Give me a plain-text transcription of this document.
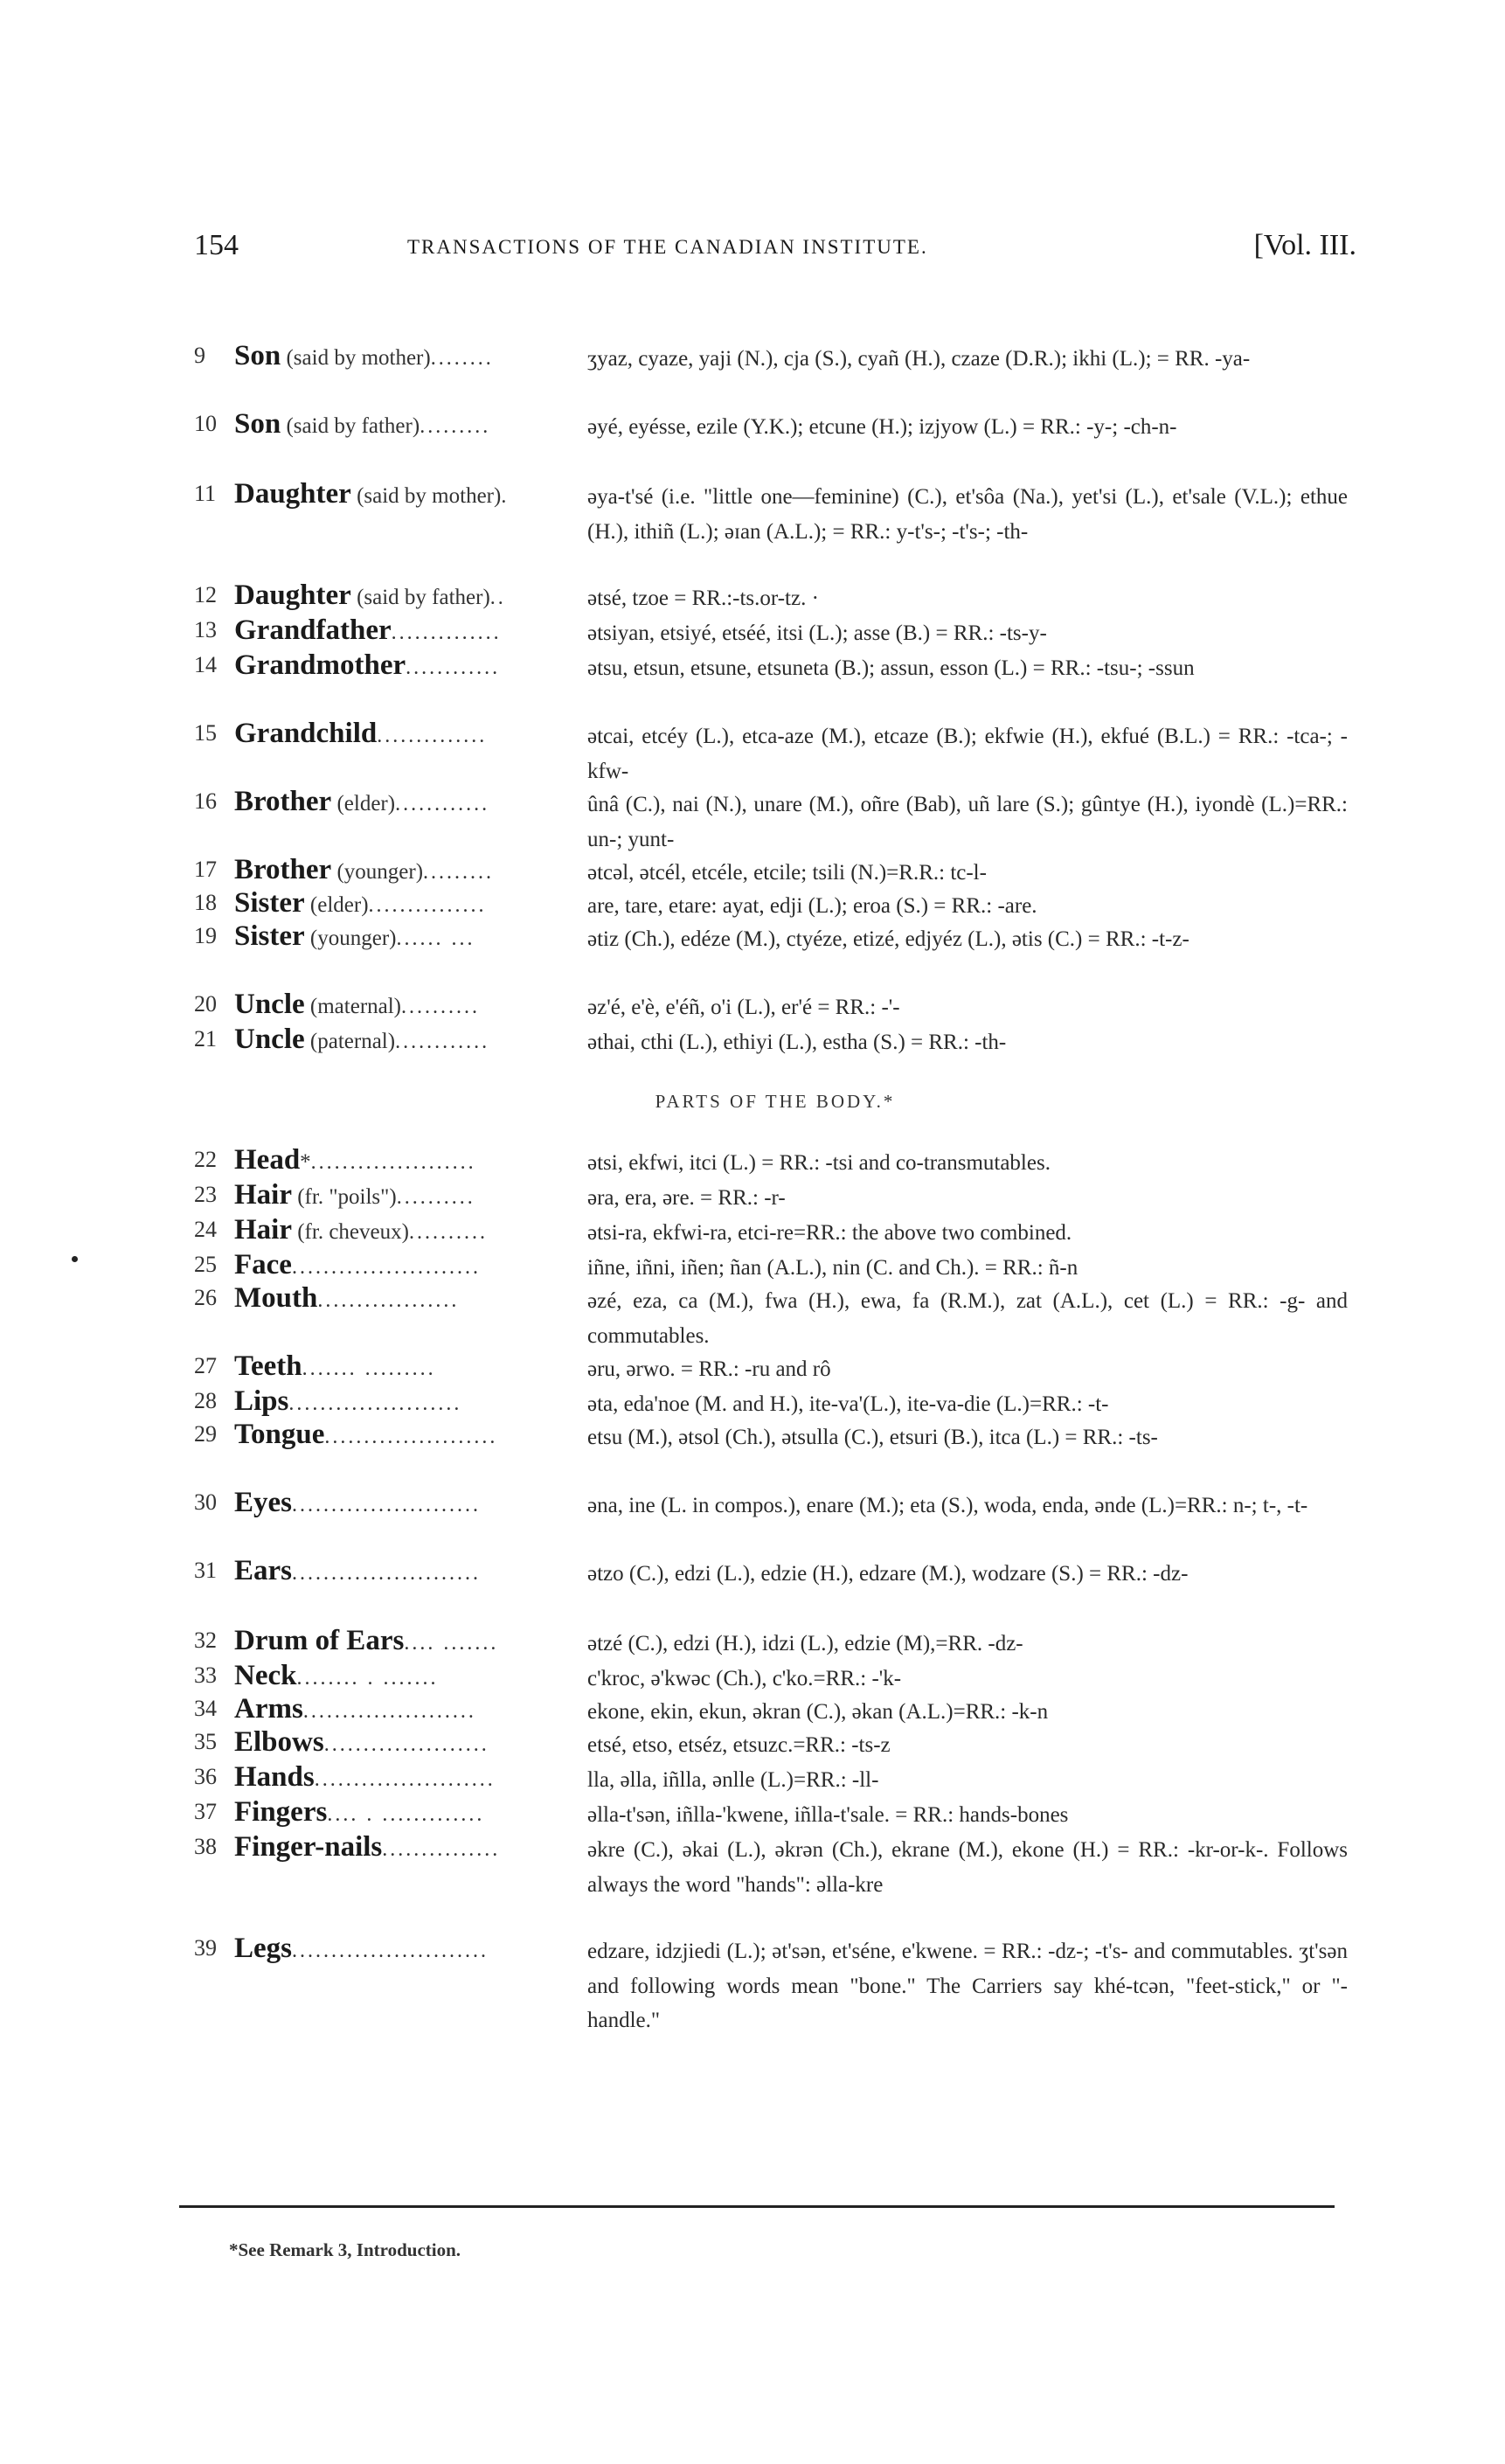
154	TRANSACTIONS OF THE CANADIAN INSTITUTE.	[Vol. III.
9	Son (said by mother)........	ʒyaz, cyaze, yaji (N.), cja (S.), cyañ (H.), czaze (D.R.); ikhi (L.); = RR. -ya-
10 Son (said by father).........	əyé, eyésse, ezile (Y.K.); etcune (H.); izjyow (L.) = RR.: -y-; -ch-n-
11 Daughter (said by mother).	əya-t'sé (i.e. "little one—feminine) (C.), et'sôa (Na.), yet'si (L.), et'sale (V.L.); ethue (H.), ithiñ (L.); əɪan (A.L.); = RR.: y-t's-; -t's-; -th-
12 Daughter (said by father)..	ətsé, tzoe = RR.:-ts.or-tz. ·
13 Grandfather..............	ətsiyan, etsiyé, etséé, itsi (L.); asse (B.) = RR.: -ts-y-
14 Grandmother............	ətsu, etsun, etsune, etsuneta (B.); assun, esson (L.) = RR.: -tsu-; -ssun
15 Grandchild..............	ətcai, etcéy (L.), etca-aze (M.), etcaze (B.); ekfwie (H.), ekfué (B.L.) = RR.: -tca-; -kfw-
16 Brother (elder)............	ûnâ (C.), nai (N.), unare (M.), oñre (Bab), uñ lare (S.); gûntye (H.), iyondè (L.)=RR.: un-; yunt-
17 Brother (younger).........	ətcəl, ətcél, etcéle, etcile; tsili (N.)=R.R.: tc-l-
18 Sister (elder)...............	are, tare, etare: ayat, edji (L.); eroa (S.) = RR.: -are.
19 Sister (younger)...... ...	ətiz (Ch.), edéze (M.), ctyéze, etizé, edjyéz (L.), ətis (C.) = RR.: -t-z-
20 Uncle (maternal)..........	əz'é, e'è, e'éñ, o'i (L.), er'é = RR.: -'-
21 Uncle (paternal)............	əthai, cthi (L.), ethiyi (L.), estha (S.) = RR.: -th-
PARTS OF THE BODY.*
22 Head*.....................	ətsi, ekfwi, itci (L.) = RR.: -tsi and co-transmutables.
23 Hair (fr. "poils")..........	əra, era, əre. = RR.: -r-
24 Hair (fr. cheveux)..........	ətsi-ra, ekfwi-ra, etci-re=RR.: the above two combined.
25 Face........................	iñne, iñni, iñen; ñan (A.L.), nin (C. and Ch.). = RR.: ñ-n
26 Mouth..................	əzé, eza, ca (M.), fwa (H.), ewa, fa (R.M.), zat (A.L.), cet (L.) = RR.: -g- and commutables.
27 Teeth....... .........	əru, ərwo. = RR.: -ru and rô
28 Lips......................	əta, eda'noe (M. and H.), ite-va'(L.), ite-va-die (L.)=RR.: -t-
29 Tongue......................	etsu (M.), ətsol (Ch.), ətsulla (C.), etsuri (B.), itca (L.) = RR.: -ts-
30 Eyes........................	əna, ine (L. in compos.), enare (M.); eta (S.), woda, enda, ənde (L.)=RR.: n-; t-, -t-
31 Ears........................	ətzo (C.), edzi (L.), edzie (H.), edzare (M.), wodzare (S.) = RR.: -dz-
32 Drum of Ears.... .......	ətzé (C.), edzi (H.), idzi (L.), edzie (M),=RR. -dz-
33 Neck........ . .......	c'kroc, ə'kwəc (Ch.), c'ko.=RR.: -'k-
34 Arms......................	ekone, ekin, ekun, əkran (C.), əkan (A.L.)=RR.: -k-n
35 Elbows.....................	etsé, etso, etséz, etsuzc.=RR.: -ts-z
36 Hands.......................	lla, əlla, iñlla, ənlle (L.)=RR.: -ll-
37 Fingers.... . .............	əlla-t'sən, iñlla-'kwene, iñlla-t'sale. = RR.: hands-bones
38 Finger-nails...............	əkre (C.), əkai (L.), əkrən (Ch.), ekrane (M.), ekone (H.) = RR.: -kr-or-k-. Follows always the word "hands": əlla-kre
39 Legs.........................	edzare, idzjiedi (L.); ət'sən, et'séne, e'kwene. = RR.: -dz-; -t's- and commutables. ʒt'sən and following words mean "bone." The Carriers say khé-tcən, "feet-stick," or "-handle."
*See Remark 3, Introduction.
